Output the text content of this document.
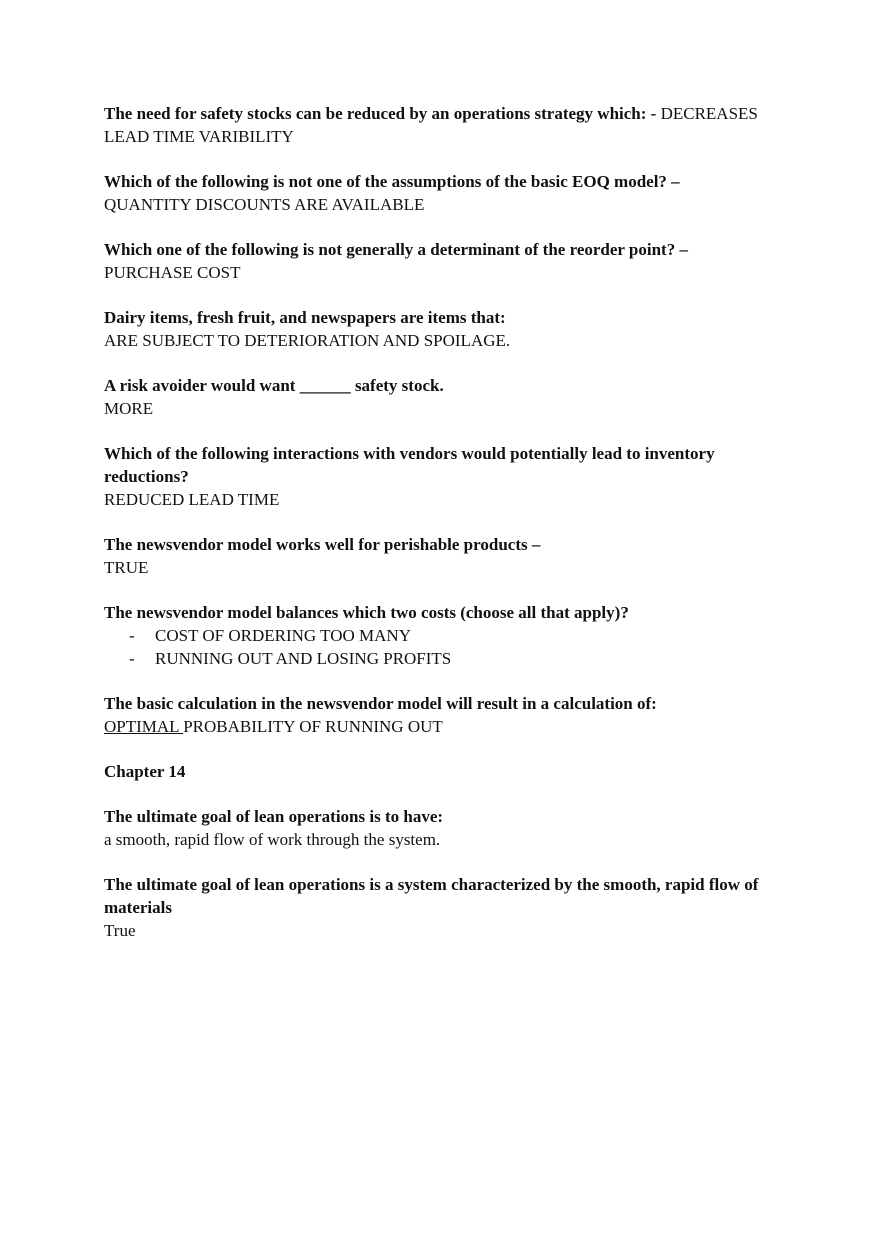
The need for safety stocks can be reduced by an operations strategy which: - DECREASES LEAD TIME VARIBILITY
Which of the following is not one of the assumptions of the basic EOQ model? –
QUANTITY DISCOUNTS ARE AVAILABLE
Which one of the following is not generally a determinant of the reorder point? –
PURCHASE COST
Dairy items, fresh fruit, and newspapers are items that:
ARE SUBJECT TO DETERIORATION AND SPOILAGE.
A risk avoider would want ______ safety stock.
MORE
Which of the following interactions with vendors would potentially lead to inventory reductions?
REDUCED LEAD TIME
The newsvendor model works well for perishable products –
TRUE
The newsvendor model balances which two costs (choose all that apply)?
- COST OF ORDERING TOO MANY
- RUNNING OUT AND LOSING PROFITS
The basic calculation in the newsvendor model will result in a calculation of:
OPTIMAL PROBABILITY OF RUNNING OUT
Chapter 14
The ultimate goal of lean operations is to have:
a smooth, rapid flow of work through the system.
The ultimate goal of lean operations is a system characterized by the smooth, rapid flow of materials
True
